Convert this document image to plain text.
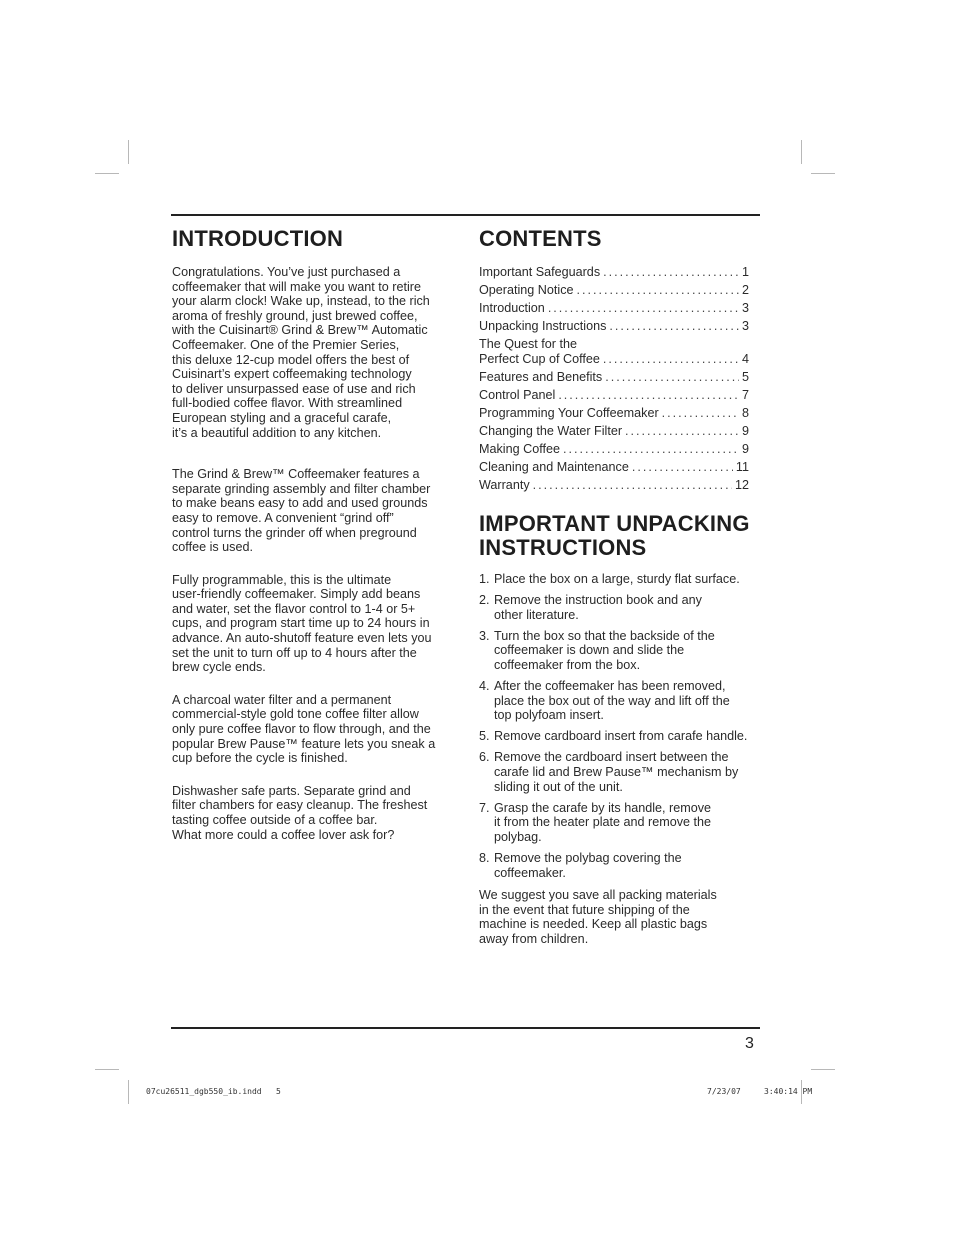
INTRODUCTION

Congratulations. You’ve just purchased a
coffeemaker that will make you want to retire
your alarm clock! Wake up, instead, to the rich
aroma of freshly ground, just brewed coffee,
with the Cuisinart® Grind & Brew™ Automatic
Coffeemaker. One of the Premier Series,
this deluxe 12-cup model offers the best of
Cuisinart’s expert coffeemaking technology
to deliver unsurpassed ease of use and rich
full-bodied coffee flavor. With streamlined
European styling and a graceful carafe,
it’s a beautiful addition to any kitchen.

The Grind & Brew™ Coffeemaker features a
separate grinding assembly and filter chamber
to make beans easy to add and used grounds
easy to remove. A convenient “grind off”
control turns the grinder off when preground
coffee is used.

Fully programmable, this is the ultimate
user-friendly coffeemaker. Simply add beans
and water, set the flavor control to 1-4 or 5+
cups, and program start time up to 24 hours in
advance. An auto-shutoff feature even lets you
set the unit to turn off up to 4 hours after the
brew cycle ends.

A charcoal water filter and a permanent
commercial-style gold tone coffee filter allow
only pure coffee flavor to flow through, and the
popular Brew Pause™ feature lets you sneak a
cup before the cycle is finished.

Dishwasher safe parts. Separate grind and
filter chambers for easy cleanup. The freshest
tasting coffee outside of a coffee bar.
What more could a coffee lover ask for?

CONTENTS
Important Safeguards .....	1
Operating Notice .....	2
Introduction .....	3
Unpacking Instructions .....	3
The Quest for the
Perfect Cup of Coffee .....	4
Features and Benefits .....	5
Control Panel .....	7
Programming Your Coffeemaker .....	8
Changing the Water Filter .....	9
Making Coffee .....	9
Cleaning and Maintenance .....	11
Warranty .....	12
IMPORTANT UNPACKING
INSTRUCTIONS
1. Place the box on a large, sturdy flat surface.
2. Remove the instruction book and any
other literature.
3. Turn the box so that the backside of the
coffeemaker is down and slide the
coffeemaker from the box.
4. After the coffeemaker has been removed,
place the box out of the way and lift off the
top polyfoam insert.
5. Remove cardboard insert from carafe handle.
6. Remove the cardboard insert between the
carafe lid and Brew Pause™ mechanism by
sliding it out of the unit.
7. Grasp the carafe by its handle, remove
it from the heater plate and remove the
polybag.
8. Remove the polybag covering the
coffeemaker.

We suggest you save all packing materials
in the event that future shipping of the
machine is needed. Keep all plastic bags
away from children.

3
07cu26511_dgb550_ib.indd   5	7/23/07	3:40:14 PM
